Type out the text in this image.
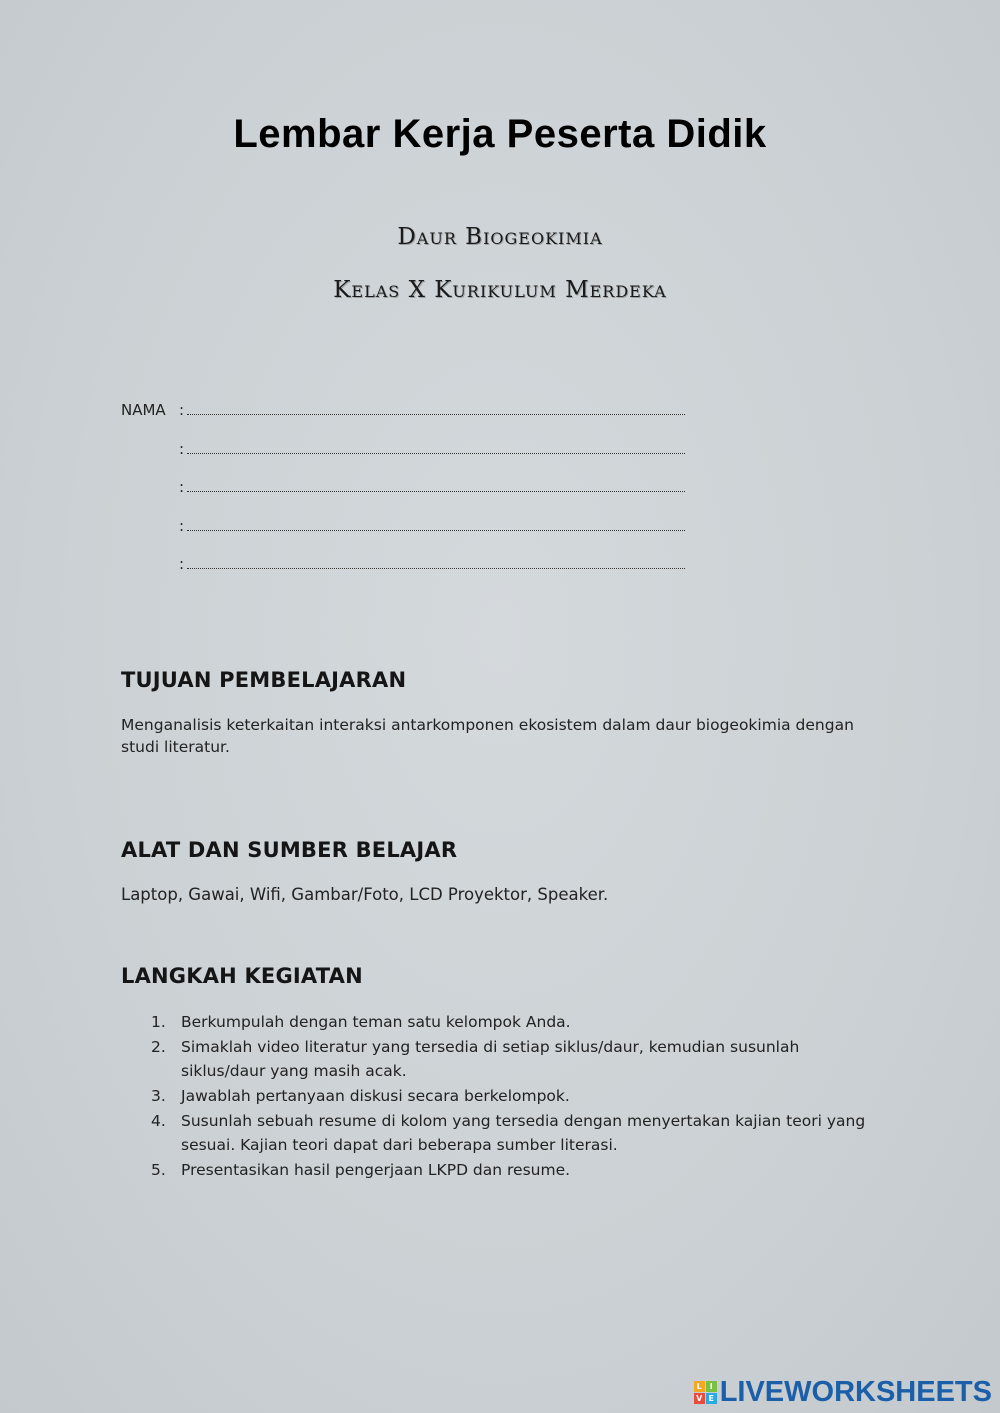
Lembar Kerja Peserta Didik
Daur Biogeokimia
Kelas X Kurikulum Merdeka
NAMA :
:
:
:
:
TUJUAN PEMBELAJARAN
Menganalisis keterkaitan interaksi antarkomponen ekosistem dalam daur biogeokimia dengan studi literatur.
ALAT DAN SUMBER BELAJAR
Laptop, Gawai, Wifi, Gambar/Foto, LCD Proyektor, Speaker.
LANGKAH KEGIATAN
1. Berkumpulah dengan teman satu kelompok Anda.
2. Simaklah video literatur yang tersedia di setiap siklus/daur, kemudian susunlah siklus/daur yang masih acak.
3. Jawablah pertanyaan diskusi secara berkelompok.
4. Susunlah sebuah resume di kolom yang tersedia dengan menyertakan kajian teori yang sesuai. Kajian teori dapat dari beberapa sumber literasi.
5. Presentasikan hasil pengerjaan LKPD dan resume.
L I
V E LIVEWORKSHEETS
